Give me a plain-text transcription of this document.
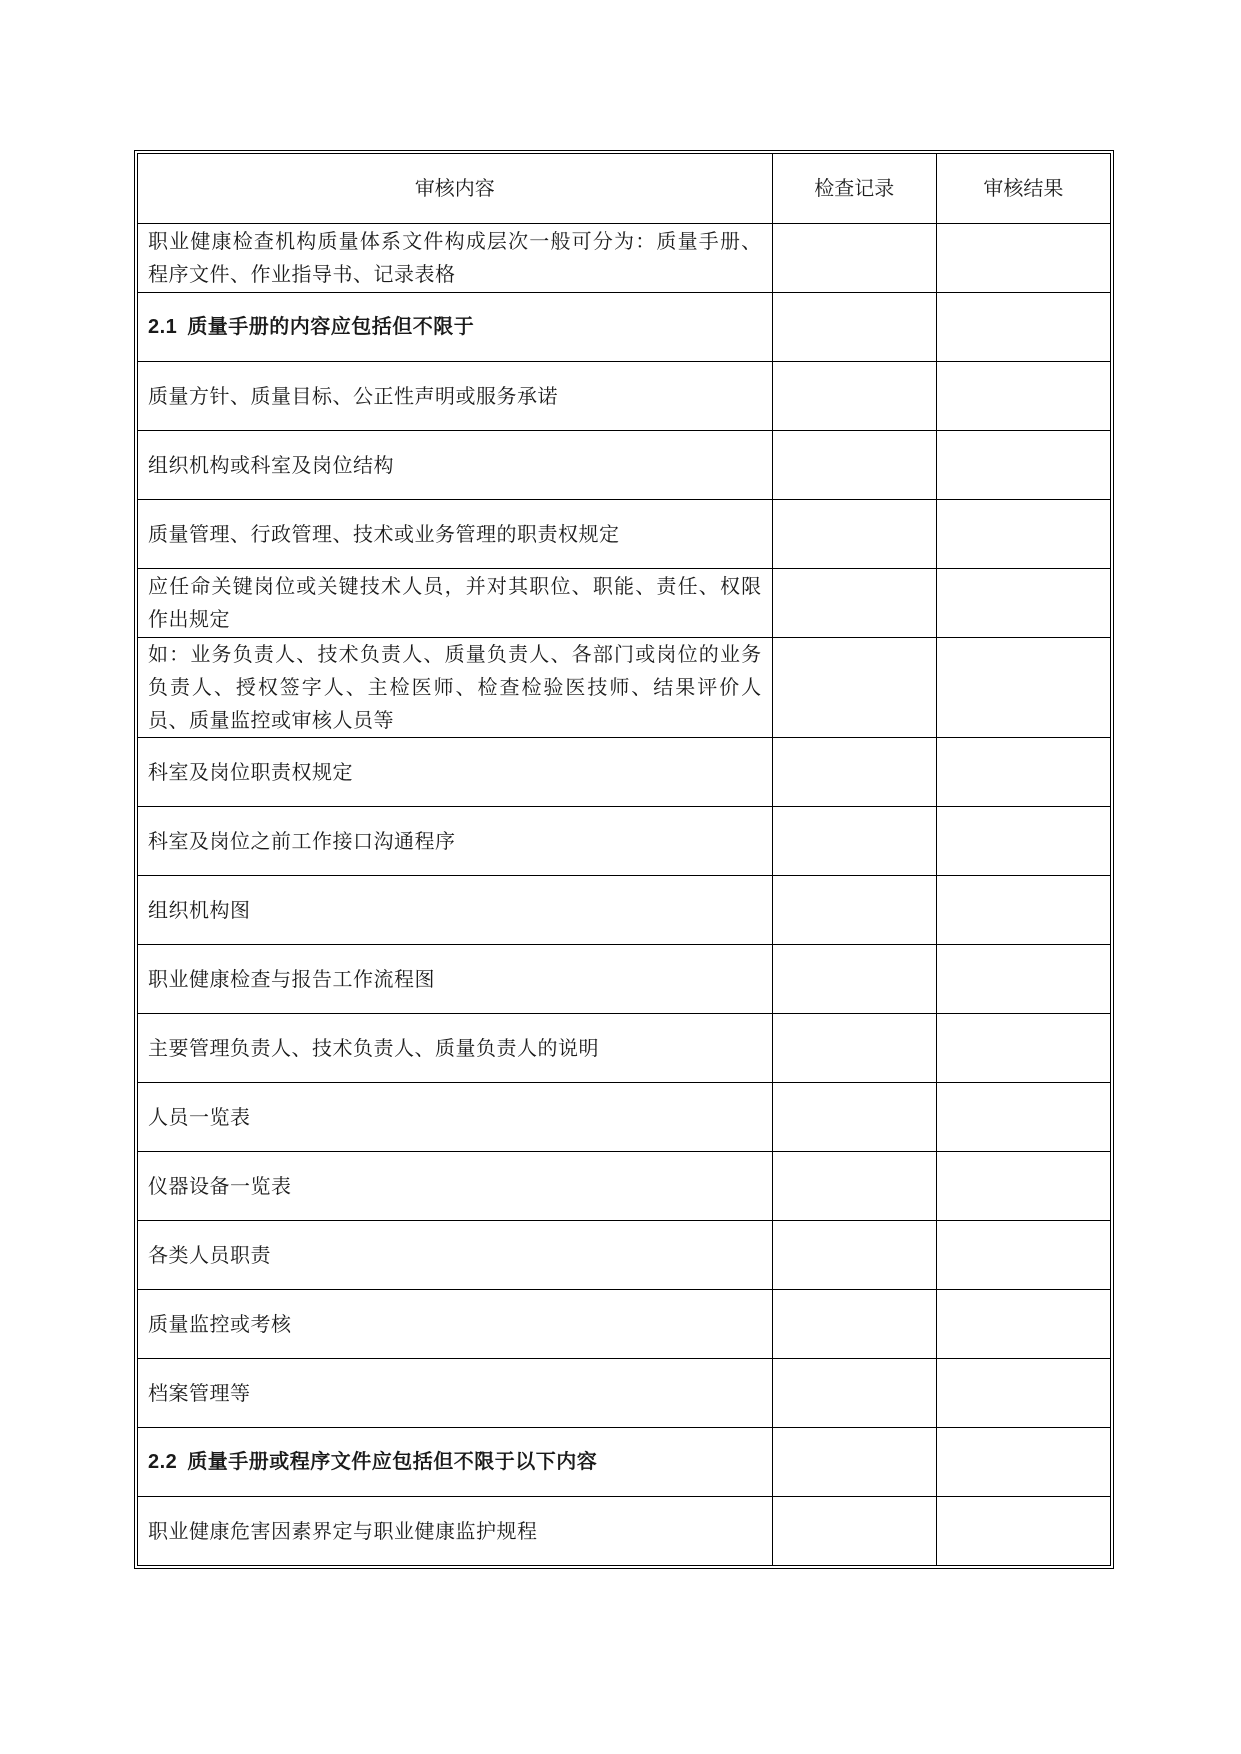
审核内容	检查记录	审核结果
职业健康检查机构质量体系文件构成层次一般可分为：质量手册、程序文件、作业指导书、记录表格		
2.1 质量手册的内容应包括但不限于		
质量方针、质量目标、公正性声明或服务承诺		
组织机构或科室及岗位结构		
质量管理、行政管理、技术或业务管理的职责权规定		
应任命关键岗位或关键技术人员，并对其职位、职能、责任、权限作出规定		
如：业务负责人、技术负责人、质量负责人、各部门或岗位的业务负责人、授权签字人、主检医师、检查检验医技师、结果评价人员、质量监控或审核人员等		
科室及岗位职责权规定		
科室及岗位之前工作接口沟通程序		
组织机构图		
职业健康检查与报告工作流程图		
主要管理负责人、技术负责人、质量负责人的说明		
人员一览表		
仪器设备一览表		
各类人员职责		
质量监控或考核		
档案管理等		
2.2 质量手册或程序文件应包括但不限于以下内容		
职业健康危害因素界定与职业健康监护规程		
